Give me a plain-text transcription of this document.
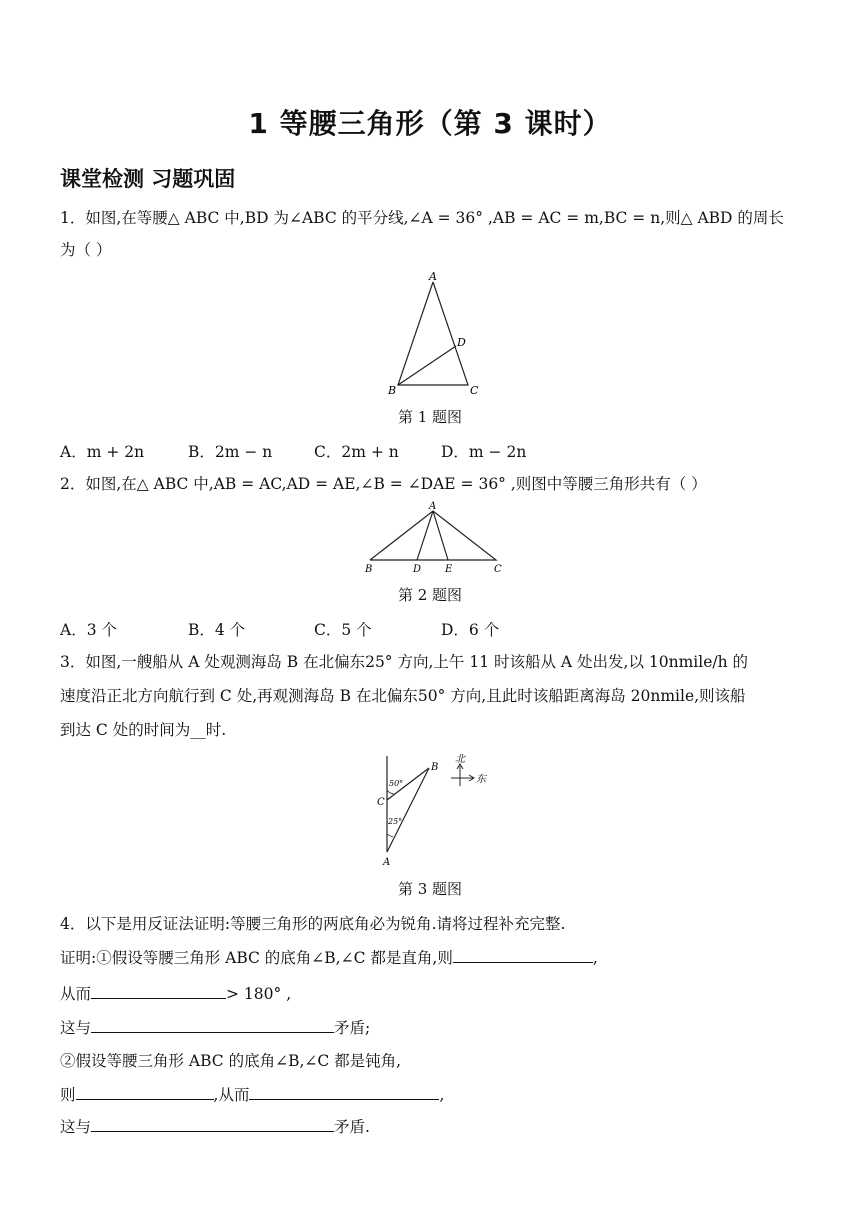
1 等腰三角形（第 3 课时）
课堂检测 习题巩固
1．如图,在等腰△ ABC 中,BD 为∠ABC 的平分线,∠A = 36° ,AB = AC = m,BC = n,则△ ABD 的周长
为（ ）
A
B	C
D
第 1 题图
A．m + 2n	B．2m − n	C．2m + n	D．m − 2n
2．如图,在△ ABC 中,AB = AC,AD = AE,∠B = ∠DAE = 36° ,则图中等腰三角形共有（ ）
A
B	D E	C
第 2 题图
A．3 个	B．4 个	C．5 个	D．6 个
3．如图,一艘船从 A 处观测海岛 B 在北偏东25° 方向,上午 11 时该船从 A 处出发,以 10nmile/h 的
速度沿正北方向航行到 C 处,再观测海岛 B 在北偏东50° 方向,且此时该船距离海岛 20nmile,则该船
到达 C 处的时间为__时.
B
C
A
50°
25°
北
东
第 3 题图
4．以下是用反证法证明:等腰三角形的两底角必为锐角.请将过程补充完整.
证明:①假设等腰三角形 ABC 的底角∠B,∠C 都是直角,则	,
从而	> 180° ,
这与	矛盾;
②假设等腰三角形 ABC 的底角∠B,∠C 都是钝角,
则	,从而	,
这与	矛盾.
